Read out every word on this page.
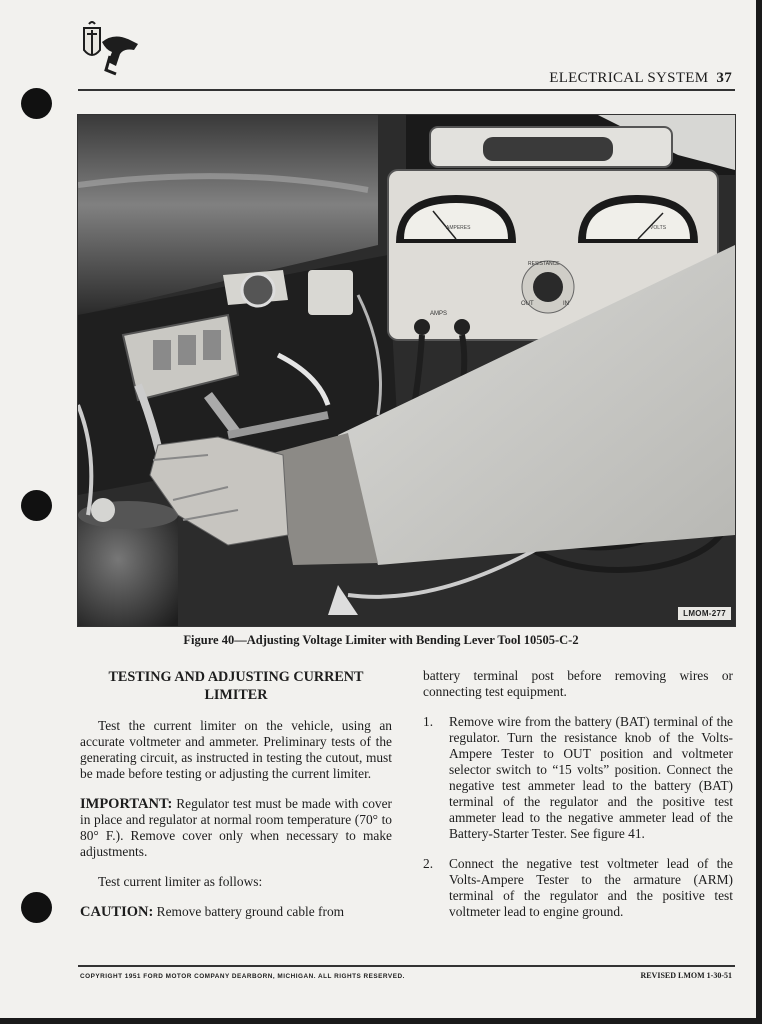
ELECTRICAL SYSTEM 37
AMPERES	VOLTS
RESISTANCE
OUT	IN
AMPS
LMOM-277
Figure 40—Adjusting Voltage Limiter with Bending Lever Tool 10505-C-2
TESTING AND ADJUSTING CURRENT LIMITER

Test the current limiter on the vehicle, using an accurate voltmeter and ammeter. Preliminary tests of the generating circuit, as instructed in testing the cutout, must be made before testing or adjusting the current limiter.

IMPORTANT: Regulator test must be made with cover in place and regulator at normal room temperature (70° to 80° F.). Remove cover only when necessary to make adjustments.

Test current limiter as follows:

CAUTION: Remove battery ground cable from

battery terminal post before removing wires or connecting test equipment.

1.	Remove wire from the battery (BAT) terminal of the regulator. Turn the resistance knob of the Volts-Ampere Tester to OUT position and voltmeter selector switch to “15 volts” position. Connect the negative test ammeter lead to the battery (BAT) terminal of the regulator and the positive test ammeter lead to the negative ammeter lead of the Battery-Starter Tester. See figure 41.
2.	Connect the negative test voltmeter lead of the Volts-Ampere Tester to the armature (ARM) terminal of the regulator and the positive test voltmeter lead to engine ground.
COPYRIGHT 1951 FORD MOTOR COMPANY DEARBORN, MICHIGAN. ALL RIGHTS RESERVED.	REVISED LMOM 1-30-51
